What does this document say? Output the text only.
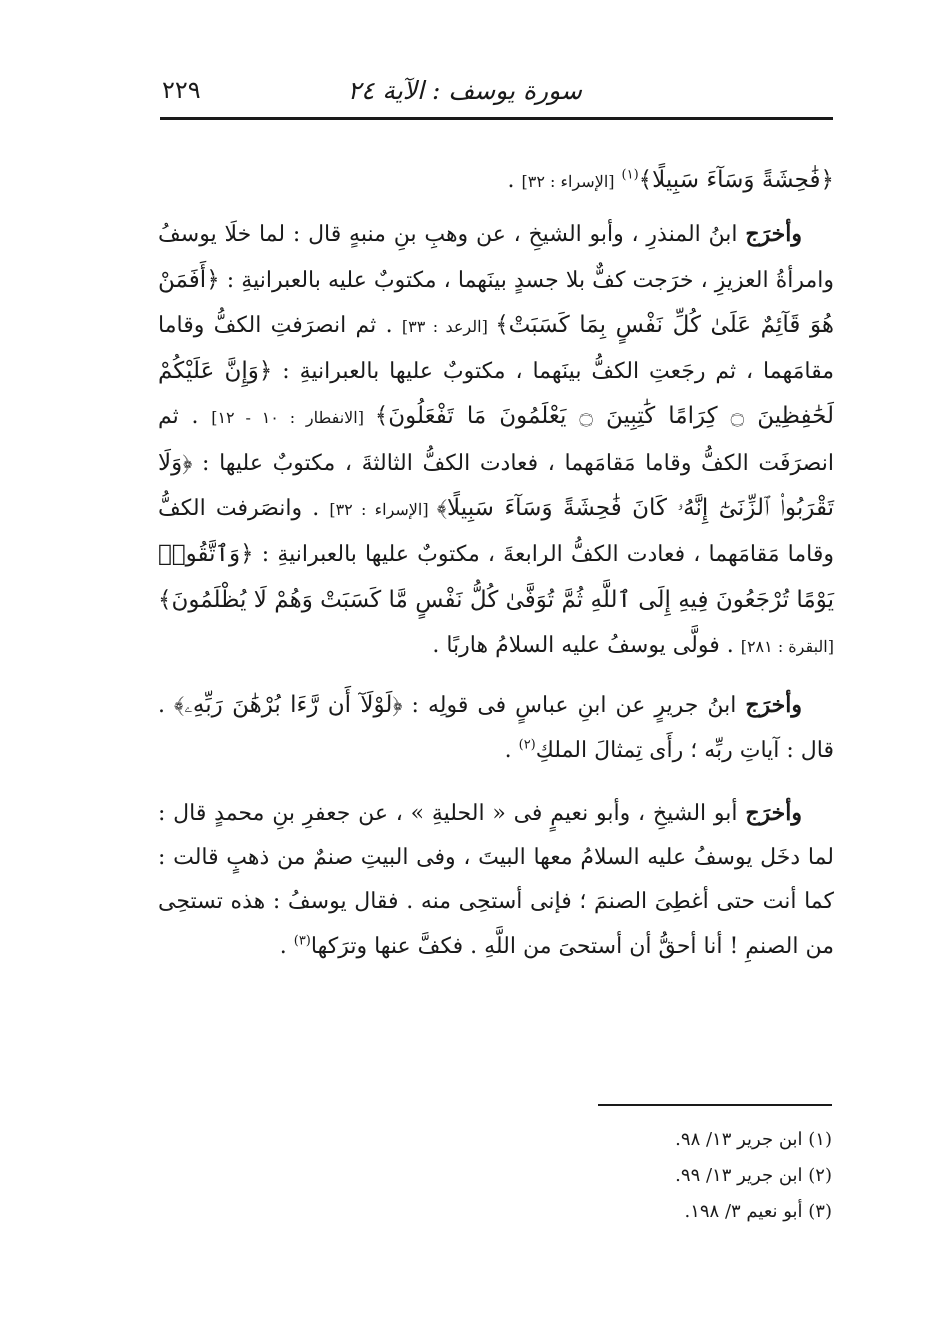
سورة يوسف : الآية ٢٤
٢٢٩

﴿فَٰحِشَةً وَسَآءَ سَبِيلًا﴾$^{(١)}$ [الإسراء : ٣٢] .

وأخرَج ابنُ المنذرِ ، وأبو الشيخِ ، عن وهبِ بنِ منبهٍ قال : لما خلَا يوسفُ وامرأةُ العزيزِ ، خرَجت كفٌّ بلا جسدٍ بينَهما ، مكتوبٌ عليه بالعبرانيةِ : ﴿أَفَمَنْ هُوَ قَآئِمٌ عَلَىٰ كُلِّ نَفْسٍ بِمَا كَسَبَتْ﴾ [الرعد : ٣٣] . ثم انصرَفتِ الكفُّ وقاما مقامَهما ، ثم رجَعتِ الكفُّ بينَهما ، مكتوبٌ عليها بالعبرانيةِ : ﴿وَإِنَّ عَلَيْكُمْ لَحَٰفِظِينَ ۝ كِرَامًا كَٰتِبِينَ ۝ يَعْلَمُونَ مَا تَفْعَلُونَ﴾ [الانفطار : ١٠ - ١٢] . ثم انصرَفَت الكفُّ وقاما مَقامَهما ، فعادت الكفُّ الثالثةَ ، مكتوبٌ عليها : ﴿وَلَا تَقْرَبُوا۟ ٱلزِّنَىٰٓ إِنَّهُۥ كَانَ فَٰحِشَةً وَسَآءَ سَبِيلًا﴾ [الإسراء : ٣٢] . وانصَرفت الكفُّ وقاما مَقامَهما ، فعادت الكفُّ الرابعةَ ، مكتوبٌ عليها بالعبرانيةِ : ﴿وَٱتَّقُوا۟ يَوْمًا تُرْجَعُونَ فِيهِ إِلَى ٱللَّهِ ثُمَّ تُوَفَّىٰ كُلُّ نَفْسٍ مَّا كَسَبَتْ وَهُمْ لَا يُظْلَمُونَ﴾ [البقرة : ٢٨١] . فولَّى يوسفُ عليه السلامُ هاربًا .

وأخرَج ابنُ جريرٍ عن ابنِ عباسٍ فى قولِه : ﴿لَوْلَآ أَن رَّءَا بُرْهَٰنَ رَبِّهِۦ﴾ . قال : آياتِ ربِّه ؛ رأَى تِمثالَ الملكِ$^{(٢)}$ .

وأخرَج أبو الشيخِ ، وأبو نعيمٍ فى « الحليةِ » ، عن جعفرِ بنِ محمدٍ قال : لما دخَل يوسفُ عليه السلامُ معها البيتَ ، وفى البيتِ صنمٌ من ذهبٍ قالت : كما أنت حتى أغطِىَ الصنمَ ؛ فإنى أستحِى منه . فقال يوسفُ : هذه تستحِى من الصنمِ ! أنا أحقُّ أن أستحىَ من اللَّهِ . فكفَّ عنها وترَكها$^{(٣)}$ .

(١) ابن جرير ١٣/ ٩٨.
(٢) ابن جرير ١٣/ ٩٩.
(٣) أبو نعيم ٣/ ١٩٨.
